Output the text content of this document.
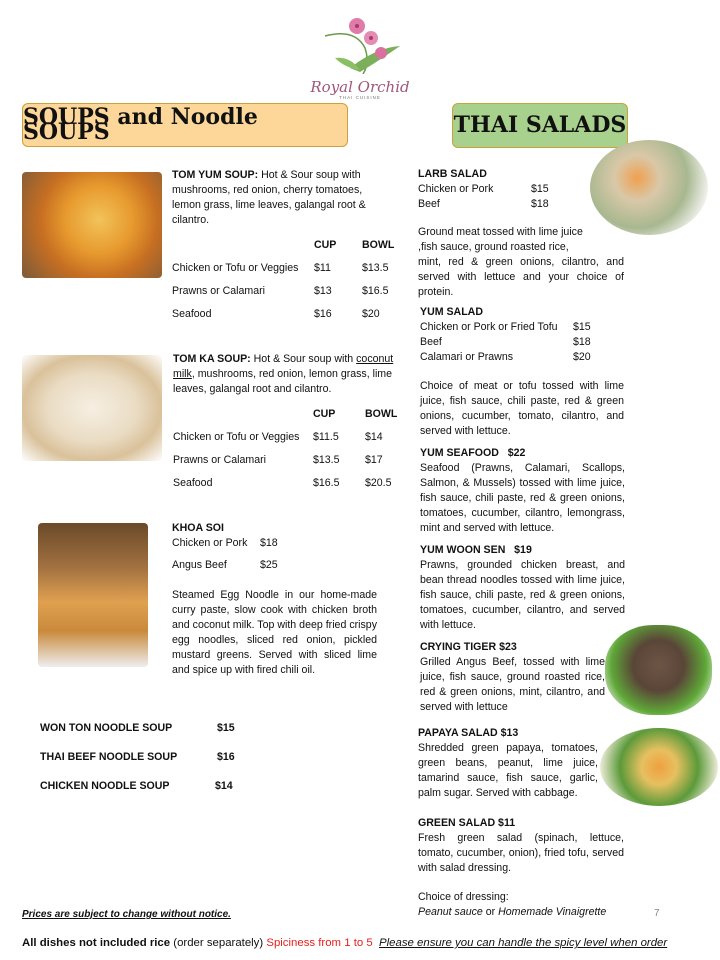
Royal Orchid
THAI CUISINE
SOUPS and Noodle SOUPS	THAI SALADS
TOM YUM SOUP: Hot & Sour soup with mushrooms, red onion, cherry tomatoes, lemon grass, lime leaves, galangal root & cilantro.
	CUP	BOWL
Chicken or Tofu or Veggies	$11	$13.5
Prawns or Calamari	$13	$16.5
Seafood	$16	$20
TOM KA SOUP: Hot & Sour soup with coconut milk, mushrooms, red onion, lemon grass, lime leaves, galangal root and cilantro.
	CUP	BOWL
Chicken or Tofu or Veggies	$11.5	$14
Prawns or Calamari	$13.5	$17
Seafood	$16.5	$20.5
KHOA SOI
Chicken or Pork	$18
Angus Beef	$25
Steamed Egg Noodle in our home-made curry paste, slow cook with chicken broth and coconut milk. Top with deep fried crispy egg noodles, sliced red onion, pickled mustard greens. Served with sliced lime and spice up with fired chili oil.
WON TON NOODLE SOUP	$15
THAI BEEF NOODLE SOUP	$16
CHICKEN NOODLE SOUP	$14
LARB SALAD
Chicken or Pork	$15
Beef	$18
Ground meat tossed with lime juice
,fish sauce, ground roasted rice,
mint, red & green onions, cilantro, and served with lettuce and your choice of protein.
YUM SALAD
Chicken or Pork or Fried Tofu	$15
Beef	$18
Calamari or Prawns	$20
Choice of meat or tofu tossed with lime juice, fish sauce, chili paste, red & green onions, cucumber, tomato, cilantro, and served with lettuce.
YUM SEAFOOD   $22
Seafood (Prawns, Calamari, Scallops, Salmon, & Mussels) tossed with lime juice, fish sauce, chili paste, red & green onions, tomatoes, cucumber, cilantro, lemongrass, mint and served with lettuce.
YUM WOON SEN   $19
Prawns, grounded chicken breast, and bean thread noodles tossed with lime juice, fish sauce, chili paste, red & green onions, tomatoes, cucumber, cilantro, and served with lettuce.
CRYING TIGER $23
Grilled Angus Beef, tossed with lime juice, fish sauce, ground roasted rice, red & green onions, mint, cilantro, and served with lettuce
PAPAYA SALAD $13
Shredded green papaya, tomatoes, green beans, peanut, lime juice, tamarind sauce, fish sauce, garlic, palm sugar. Served with cabbage.
GREEN SALAD $11
Fresh green salad (spinach, lettuce, tomato, cucumber, onion), fried tofu, served with salad dressing.
Choice of dressing:
Peanut sauce or Homemade Vinaigrette
Prices are subject to change without notice.	7
All dishes not included rice (order separately) Spiciness from 1 to 5 Please ensure you can handle the spicy level when order
